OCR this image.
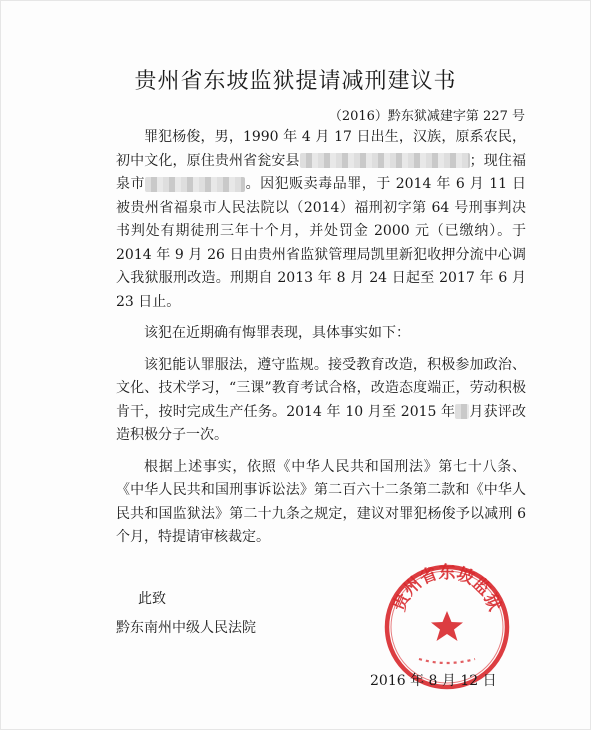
贵州省东坡监狱提请减刑建议书
（2016）黔东狱减建字第 227 号

罪犯杨俊，男，1990 年 4 月 17 日出生，汉族，原系农民，初中文化，原住贵州省瓮安县	；现住福泉市	。因犯贩卖毒品罪，于 2014 年 6 月 11 日被贵州省福泉市人民法院以（2014）福刑初字第 64 号刑事判决书判处有期徒刑三年十个月，并处罚金 2000 元（已缴纳）。于 2014 年 9 月 26 日由贵州省监狱管理局凯里新犯收押分流中心调入我狱服刑改造。刑期自 2013 年 8 月 24 日起至 2017 年 6 月 23 日止。

该犯在近期确有悔罪表现，具体事实如下：

该犯能认罪服法，遵守监规。接受教育改造，积极参加政治、文化、技术学习，“三课”教育考试合格，改造态度端正，劳动积极肯干，按时完成生产任务。2014 年 10 月至 2015 年 月获评改造积极分子一次。

根据上述事实，依照《中华人民共和国刑法》第七十八条、《中华人民共和国刑事诉讼法》第二百六十二条第二款和《中华人民共和国监狱法》第二十九条之规定，建议对罪犯杨俊予以减刑 6 个月，特提请审核裁定。

此致
黔东南州中级人民法院
贵州省东坡监狱
2016 年 8 月 12 日
